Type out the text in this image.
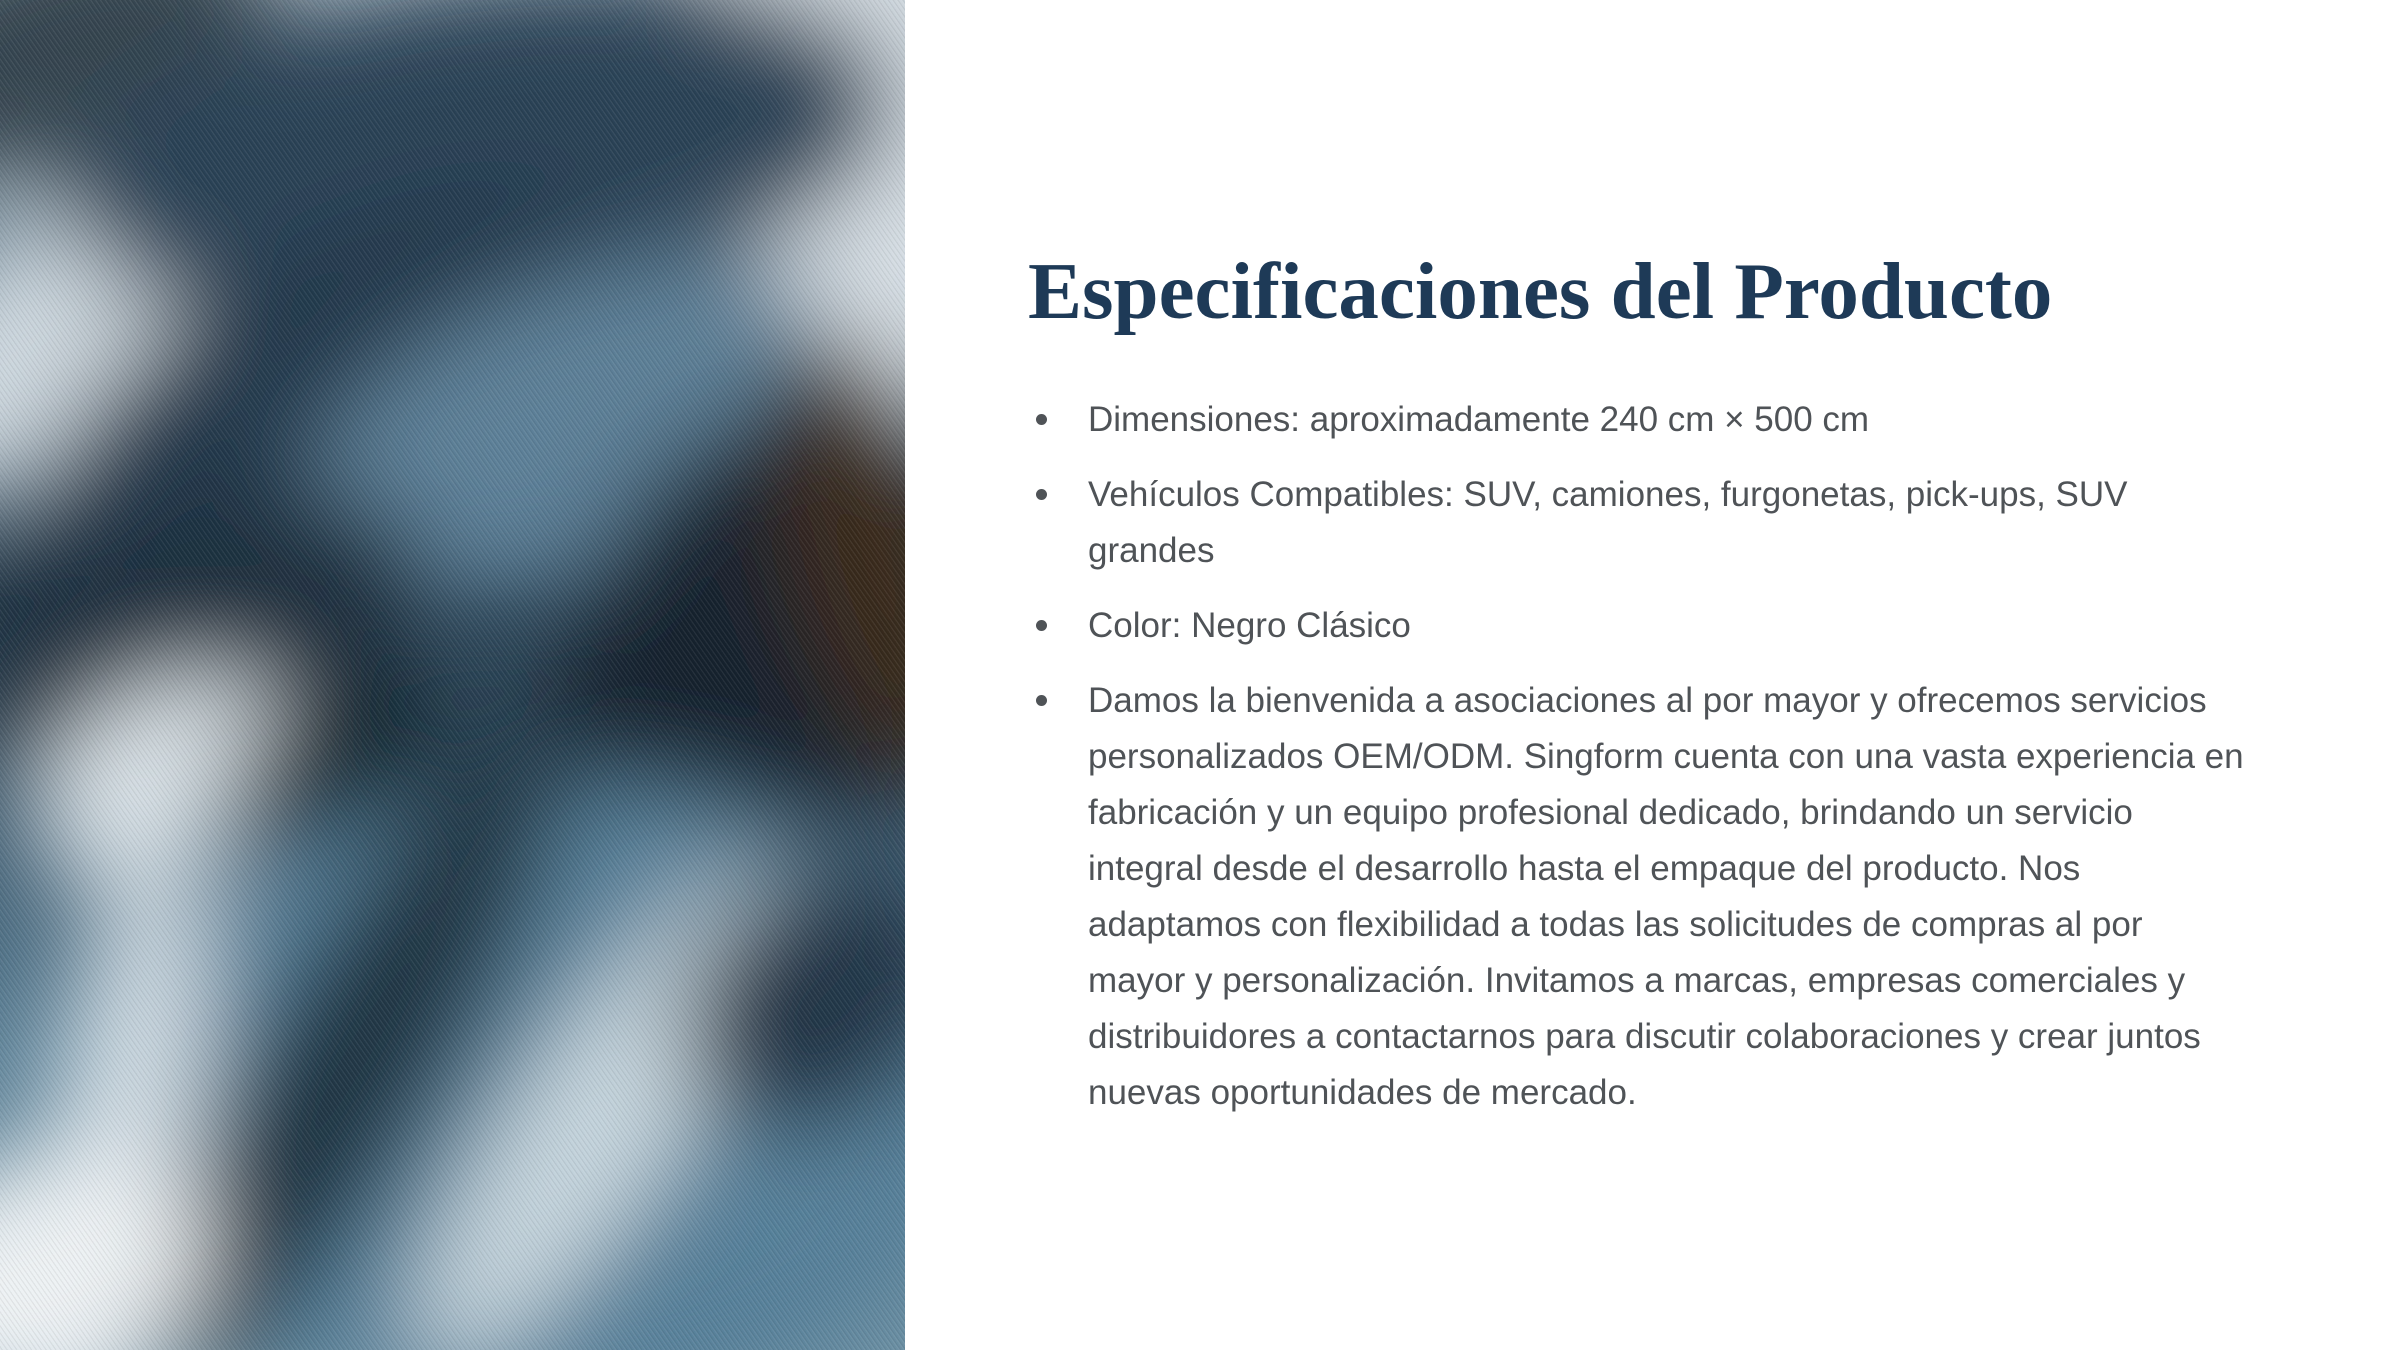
Especificaciones del Producto
Dimensiones: aproximadamente 240 cm × 500 cm
Vehículos Compatibles: SUV, camiones, furgonetas, pick-ups, SUV grandes
Color: Negro Clásico
Damos la bienvenida a asociaciones al por mayor y ofrecemos servicios personalizados OEM/ODM. Singform cuenta con una vasta experiencia en fabricación y un equipo profesional dedicado, brindando un servicio integral desde el desarrollo hasta el empaque del producto. Nos adaptamos con flexibilidad a todas las solicitudes de compras al por mayor y personalización. Invitamos a marcas, empresas comerciales y distribuidores a contactarnos para discutir colaboraciones y crear juntos nuevas oportunidades de mercado.
